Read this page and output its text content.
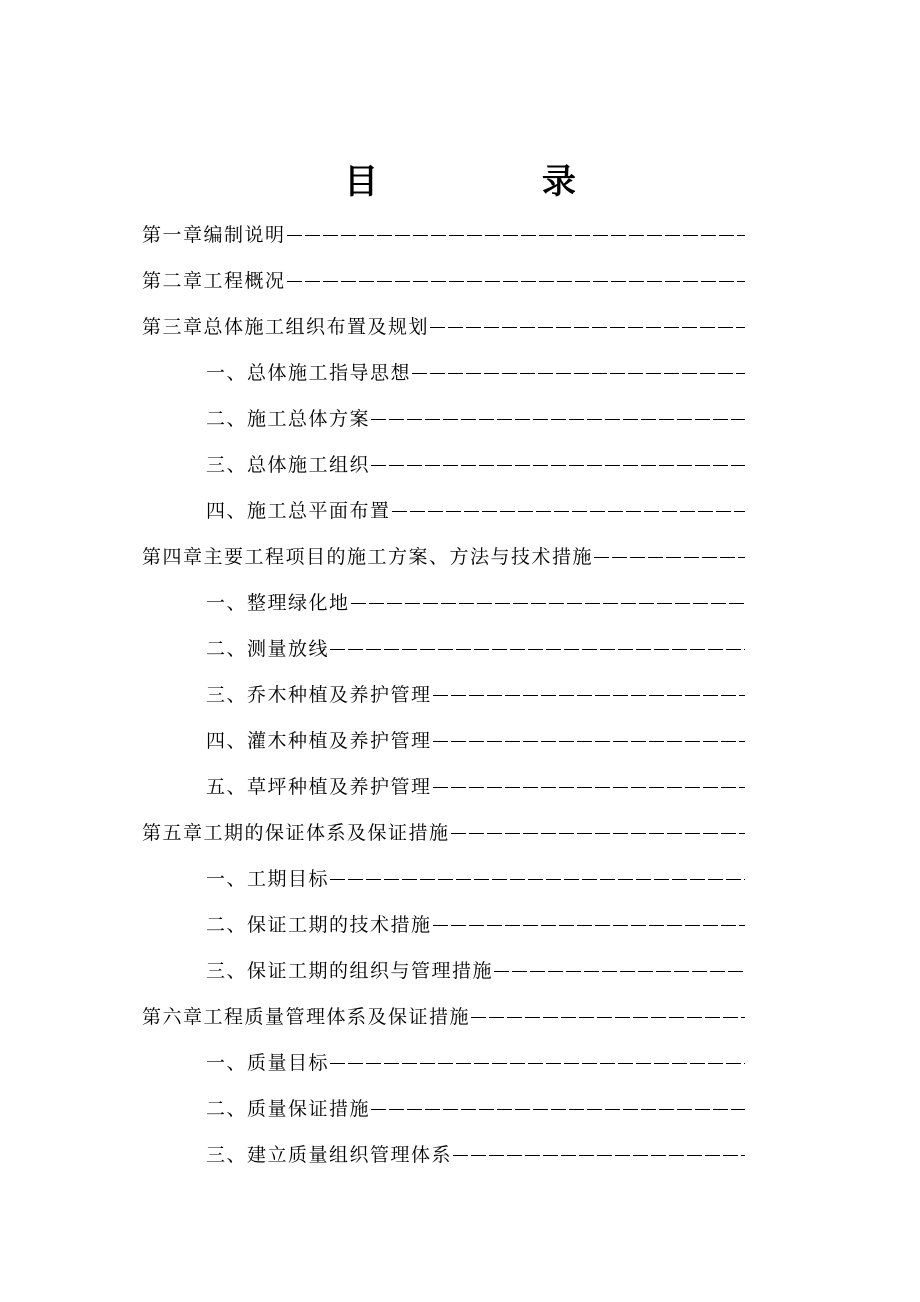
目 录
第一章编制说明
第二章工程概况
第三章总体施工组织布置及规划
一、总体施工指导思想
二、施工总体方案
三、总体施工组织
四、施工总平面布置
第四章主要工程项目的施工方案、方法与技术措施
一、整理绿化地
二、测量放线
三、乔木种植及养护管理
四、灌木种植及养护管理
五、草坪种植及养护管理
第五章工期的保证体系及保证措施
一、工期目标
二、保证工期的技术措施
三、保证工期的组织与管理措施
第六章工程质量管理体系及保证措施
一、质量目标
二、质量保证措施
三、建立质量组织管理体系
